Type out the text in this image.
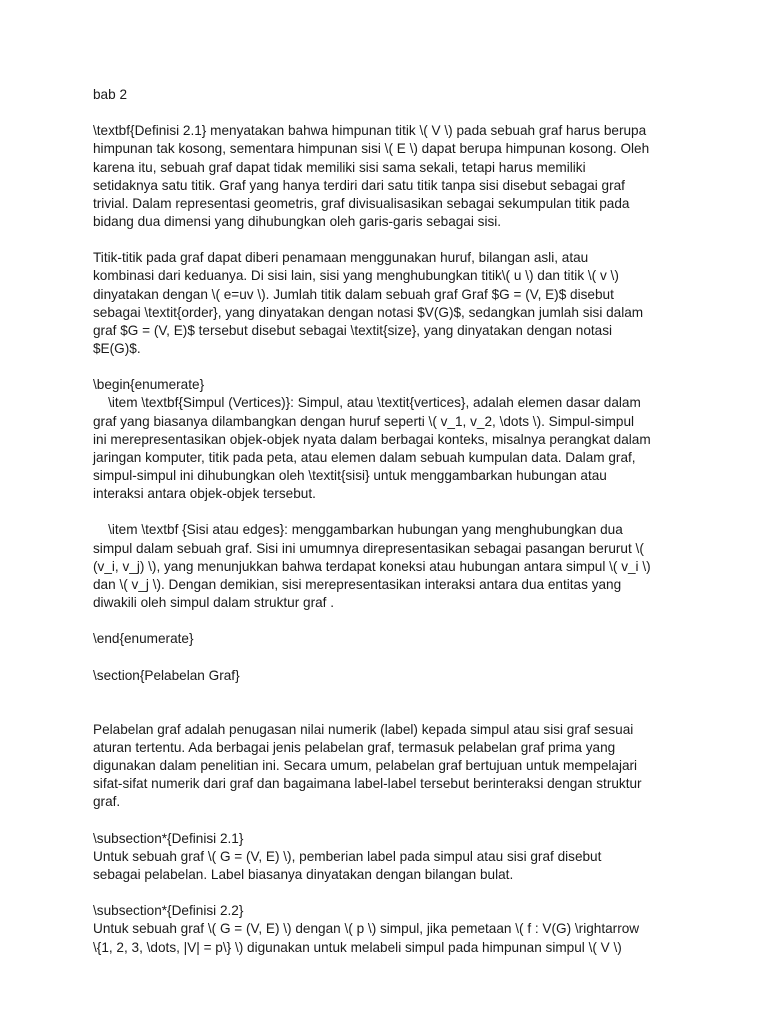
bab 2
\textbf{Definisi 2.1} menyatakan bahwa himpunan titik \( V \) pada sebuah graf harus berupa
himpunan tak kosong, sementara himpunan sisi \( E \) dapat berupa himpunan kosong. Oleh
karena itu, sebuah graf dapat tidak memiliki sisi sama sekali, tetapi harus memiliki
setidaknya satu titik. Graf yang hanya terdiri dari satu titik tanpa sisi disebut sebagai graf
trivial. Dalam representasi geometris, graf divisualisasikan sebagai sekumpulan titik pada
bidang dua dimensi yang dihubungkan oleh garis-garis sebagai sisi.
Titik-titik pada graf dapat diberi penamaan menggunakan huruf, bilangan asli, atau
kombinasi dari keduanya. Di sisi lain, sisi yang menghubungkan titik\( u \) dan titik \( v \)
dinyatakan dengan \( e=uv \). Jumlah titik dalam sebuah graf Graf $G = (V, E)$ disebut
sebagai \textit{order}, yang dinyatakan dengan notasi $V(G)$, sedangkan jumlah sisi dalam
graf $G = (V, E)$ tersebut disebut sebagai \textit{size}, yang dinyatakan dengan notasi
$E(G)$.
\begin{enumerate}
\item \textbf{Simpul (Vertices)}: Simpul, atau \textit{vertices}, adalah elemen dasar dalam
graf yang biasanya dilambangkan dengan huruf seperti \( v_1, v_2, \dots \). Simpul-simpul
ini merepresentasikan objek-objek nyata dalam berbagai konteks, misalnya perangkat dalam
jaringan komputer, titik pada peta, atau elemen dalam sebuah kumpulan data. Dalam graf,
simpul-simpul ini dihubungkan oleh \textit{sisi} untuk menggambarkan hubungan atau
interaksi antara objek-objek tersebut.
\item \textbf {Sisi atau edges}: menggambarkan hubungan yang menghubungkan dua
simpul dalam sebuah graf. Sisi ini umumnya direpresentasikan sebagai pasangan berurut \(
(v_i, v_j) \), yang menunjukkan bahwa terdapat koneksi atau hubungan antara simpul \( v_i \)
dan \( v_j \). Dengan demikian, sisi merepresentasikan interaksi antara dua entitas yang
diwakili oleh simpul dalam struktur graf .
\end{enumerate}
\section{Pelabelan Graf}
Pelabelan graf adalah penugasan nilai numerik (label) kepada simpul atau sisi graf sesuai
aturan tertentu. Ada berbagai jenis pelabelan graf, termasuk pelabelan graf prima yang
digunakan dalam penelitian ini. Secara umum, pelabelan graf bertujuan untuk mempelajari
sifat-sifat numerik dari graf dan bagaimana label-label tersebut berinteraksi dengan struktur
graf.
\subsection*{Definisi 2.1}
Untuk sebuah graf \( G = (V, E) \), pemberian label pada simpul atau sisi graf disebut
sebagai pelabelan. Label biasanya dinyatakan dengan bilangan bulat.
\subsection*{Definisi 2.2}
Untuk sebuah graf \( G = (V, E) \) dengan \( p \) simpul, jika pemetaan \( f : V(G) \rightarrow
\{1, 2, 3, \dots, |V| = p\} \) digunakan untuk melabeli simpul pada himpunan simpul \( V \)
